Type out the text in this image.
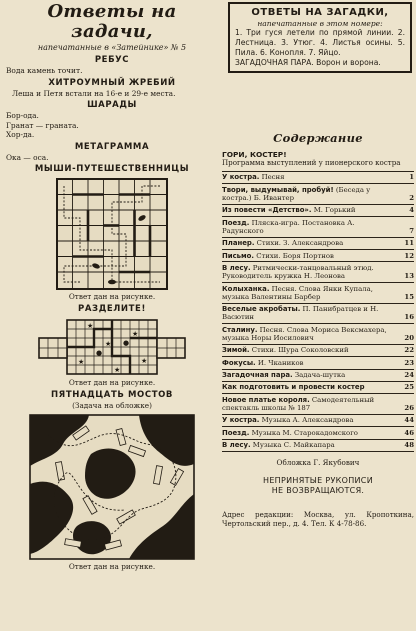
Ответы на задачи,
напечатанные в «Затейнике» № 5
РЕБУС
Вода камень точит.
ХИТРОУМНЫЙ ЖРЕБИЙ
Леша и Петя встали на 16-е и 29-е места.
ШАРАДЫ
Бор-ода.
Гранат — граната.
Хор-да.
МЕТАГРАММА
Ока — оса.
МЫШИ-ПУТЕШЕСТВЕННИЦЫ
Ответ дан на рисунке.
РАЗДЕЛИТЕ!
★
★
★
★	★
★
●
●
Ответ дан на рисунке.
ПЯТНАДЦАТЬ МОСТОВ
(Задача на обложке)
Ответ дан на рисунке.
ОТВЕТЫ НА ЗАГАДКИ,
напечатанные в этом номере:
1. Три гуся летели по прямой линии. 2. Лестница. 3. Утюг. 4. Листья осины. 5. Пила. 6. Конопля. 7. Яйцо.
ЗАГАДОЧНАЯ ПАРА. Ворон и ворона.
Содержание
ГОРИ, КОСТЕР!
Программа выступлений у пионерского костра
У костра. Песня	1
Твори, выдумывай, пробуй! (Беседа у костра.) Б. Ивантер	2
Из повести «Детство». М. Горький	4
Поезд. Пляска-игра. Постановка А. Радунского	7
Планер. Стихи. З. Александрова	11
Письмо. Стихи. Боря Портнов	12
В лесу. Ритмически-танцовальный этюд. Руководитель кружка Н. Леонова	13
Колыханка. Песня. Слова Янки Купала, музыка Валентины Барбер	15
Веселые акробаты. П. Панибратцев и Н. Васютин	16
Сталину. Песня. Слова Мориса Вексмахера, музыка Норы Иосилович	20
Зимой. Стихи. Шура Соколовский	22
Фокусы. И. Чкаников	23
Загадочная пара. Задача-шутка	24
Как подготовить и провести костер	25
Новое платье короля. Самодеятельный спектакль школы № 187	26
У костра. Музыка А. Александрова	44
Поезд. Музыка М. Старокадомского	46
В лесу. Музыка С. Майкапара	48
Обложка Г. Якубович
НЕПРИНЯТЫЕ РУКОПИСИ
НЕ ВОЗВРАЩАЮТСЯ.
Адрес редакции: Москва, ул. Кропоткина, Чертольский пер., д. 4. Тел. К 4-78-86.
